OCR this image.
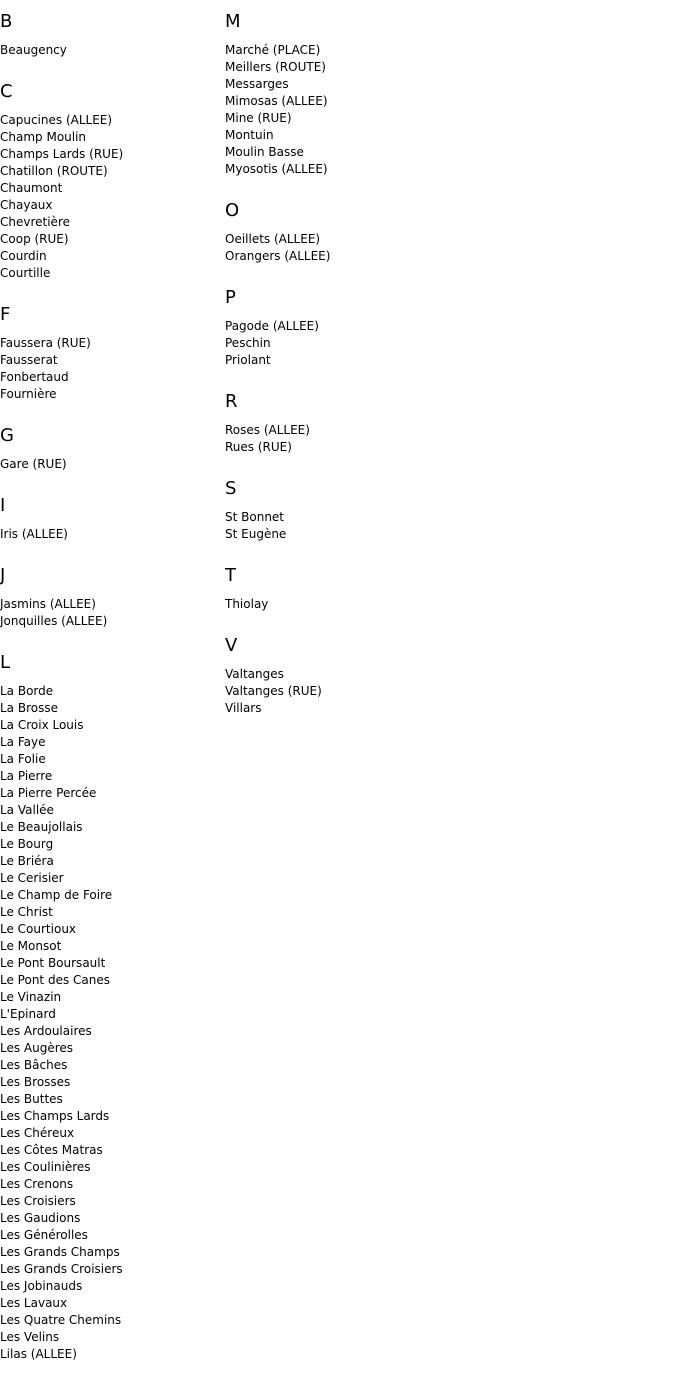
B
Beaugency
C
Capucines (ALLEE)
Champ Moulin
Champs Lards (RUE)
Chatillon (ROUTE)
Chaumont
Chayaux
Chevretière
Coop (RUE)
Courdin
Courtille
F
Faussera (RUE)
Fausserat
Fonbertaud
Fournière
G
Gare (RUE)
I
Iris (ALLEE)
J
Jasmins (ALLEE)
Jonquilles (ALLEE)
L
La Borde
La Brosse
La Croix Louis
La Faye
La Folie
La Pierre
La Pierre Percée
La Vallée
Le Beaujollais
Le Bourg
Le Briéra
Le Cerisier
Le Champ de Foire
Le Christ
Le Courtioux
Le Monsot
Le Pont Boursault
Le Pont des Canes
Le Vinazin
L'Epinard
Les Ardoulaires
Les Augères
Les Bâches
Les Brosses
Les Buttes
Les Champs Lards
Les Chéreux
Les Côtes Matras
Les Coulinières
Les Crenons
Les Croisiers
Les Gaudions
Les Générolles
Les Grands Champs
Les Grands Croisiers
Les Jobinauds
Les Lavaux
Les Quatre Chemins
Les Velins
Lilas (ALLEE)
M
Marché (PLACE)
Meillers (ROUTE)
Messarges
Mimosas (ALLEE)
Mine (RUE)
Montuin
Moulin Basse
Myosotis (ALLEE)
O
Oeillets (ALLEE)
Orangers (ALLEE)
P
Pagode (ALLEE)
Peschin
Priolant
R
Roses (ALLEE)
Rues (RUE)
S
St Bonnet
St Eugène
T
Thiolay
V
Valtanges
Valtanges (RUE)
Villars
